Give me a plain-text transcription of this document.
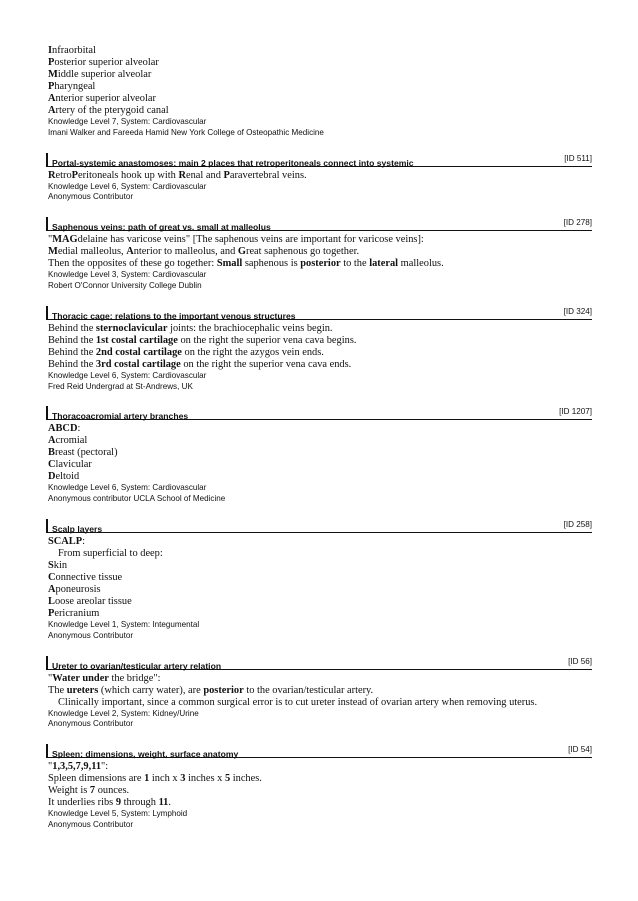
Infraorbital
Posterior superior alveolar
Middle superior alveolar
Pharyngeal
Anterior superior alveolar
Artery of the pterygoid canal
Knowledge Level 7, System: Cardiovascular
Imani Walker and Fareeda Hamid New York College of Osteopathic Medicine
Portal-systemic anastomoses: main 2 places that retroperitoneals connect into systemic	[ID 511]
RetroPeritoneals hook up with Renal and Paravertebral veins.
Knowledge Level 6, System: Cardiovascular
Anonymous Contributor
Saphenous veins: path of great vs. small at malleolus	[ID 278]
"MAGdelaine has varicose veins" [The saphenous veins are important for varicose veins]:
Medial malleolus, Anterior to malleolus, and Great saphenous go together.
Then the opposites of these go together: Small saphenous is posterior to the lateral malleolus.
Knowledge Level 3, System: Cardiovascular
Robert O'Connor University College Dublin
Thoracic cage: relations to the important venous structures	[ID 324]
Behind the sternoclavicular joints: the brachiocephalic veins begin.
Behind the 1st costal cartilage on the right the superior vena cava begins.
Behind the 2nd costal cartilage on the right the azygos vein ends.
Behind the 3rd costal cartilage on the right the superior vena cava ends.
Knowledge Level 6, System: Cardiovascular
Fred Reid Undergrad at St-Andrews, UK
Thoracoacromial artery branches	[ID 1207]
ABCD:
Acromial
Breast (pectoral)
Clavicular
Deltoid
Knowledge Level 6, System: Cardiovascular
Anonymous contributor UCLA School of Medicine
Scalp layers	[ID 258]
SCALP:
From superficial to deep:
Skin
Connective tissue
Aponeurosis
Loose areolar tissue
Pericranium
Knowledge Level 1, System: Integumental
Anonymous Contributor
Ureter to ovarian/testicular artery relation	[ID 56]
"Water under the bridge":
The ureters (which carry water), are posterior to the ovarian/testicular artery.
Clinically important, since a common surgical error is to cut ureter instead of ovarian artery when removing uterus.
Knowledge Level 2, System: Kidney/Urine
Anonymous Contributor
Spleen: dimensions, weight, surface anatomy	[ID 54]
"1,3,5,7,9,11":
Spleen dimensions are 1 inch x 3 inches x 5 inches.
Weight is 7 ounces.
It underlies ribs 9 through 11.
Knowledge Level 5, System: Lymphoid
Anonymous Contributor
